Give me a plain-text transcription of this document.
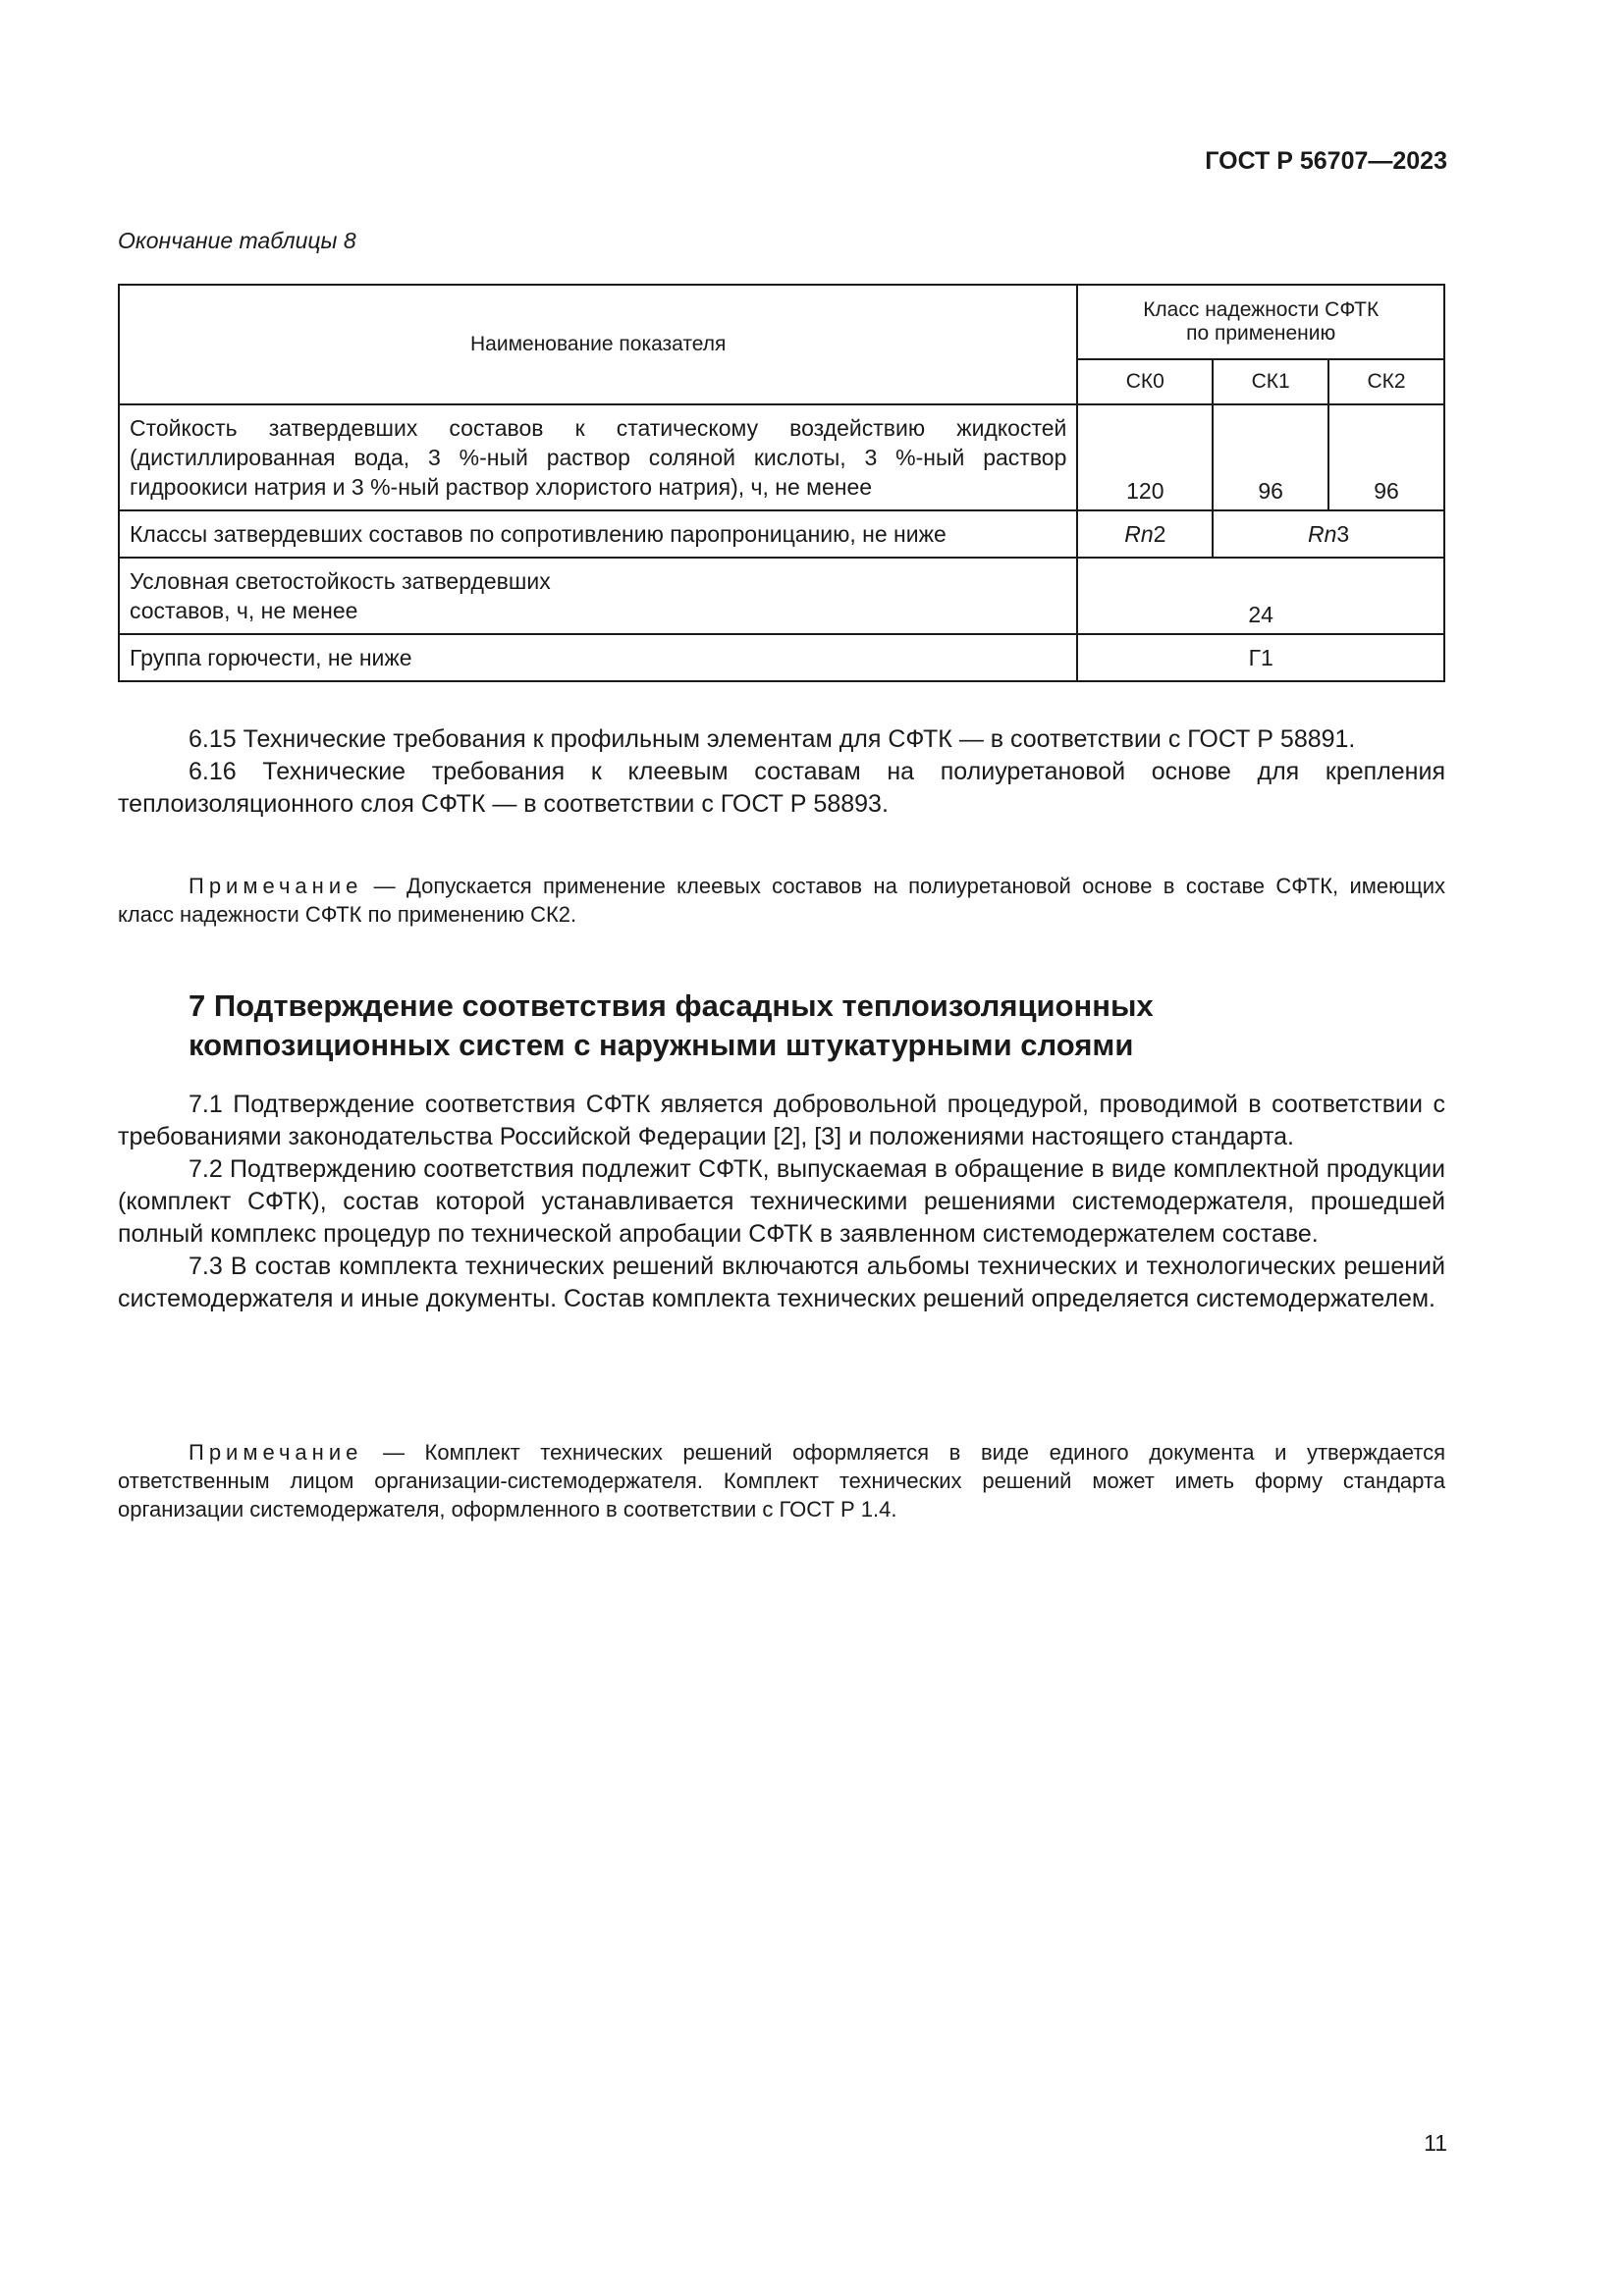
ГОСТ Р 56707—2023
Окончание таблицы 8
Наименование показателя	Класс надежности СФТК
по применению		
	СК0	СК1	СК2

Стойкость затвердевших составов к статическому воздействию жидкостей
(дистиллированная вода, 3 %-ный раствор соляной кислоты, 3 %-ный раствор
гидроокиси натрия и 3 %-ный раствор хлористого натрия), ч, не менее	120	96	96
Классы затвердевших составов по сопротивлению паропроницанию, не ниже	Rn2	Rn3	

Условная светостойкость затвердевших
составов, ч, не менее	24		
Группа горючести, не ниже	Г1		

6.15 Технические требования к профильным элементам для СФТК — в соответствии с ГОСТ Р 58891.

6.16 Технические требования к клеевым составам на полиуретановой основе для крепления теплоизоляционного слоя СФТК — в соответствии с ГОСТ Р 58893.

Примечание — Допускается применение клеевых составов на полиуретановой основе в составе СФТК, имеющих класс надежности СФТК по применению СК2.

7 Подтверждение соответствия фасадных теплоизоляционных
композиционных систем с наружными штукатурными слоями

7.1 Подтверждение соответствия СФТК является добровольной процедурой, проводимой в соответствии с требованиями законодательства Российской Федерации [2], [3] и положениями настоящего стандарта.

7.2 Подтверждению соответствия подлежит СФТК, выпускаемая в обращение в виде комплектной продукции (комплект СФТК), состав которой устанавливается техническими решениями системодержателя, прошедшей полный комплекс процедур по технической апробации СФТК в заявленном системодержателем составе.

7.3 В состав комплекта технических решений включаются альбомы технических и технологических решений системодержателя и иные документы. Состав комплекта технических решений определяется системодержателем.

Примечание — Комплект технических решений оформляется в виде единого документа и утверждается ответственным лицом организации-системодержателя. Комплект технических решений может иметь форму стандарта организации системодержателя, оформленного в соответствии с ГОСТ Р 1.4.

11
